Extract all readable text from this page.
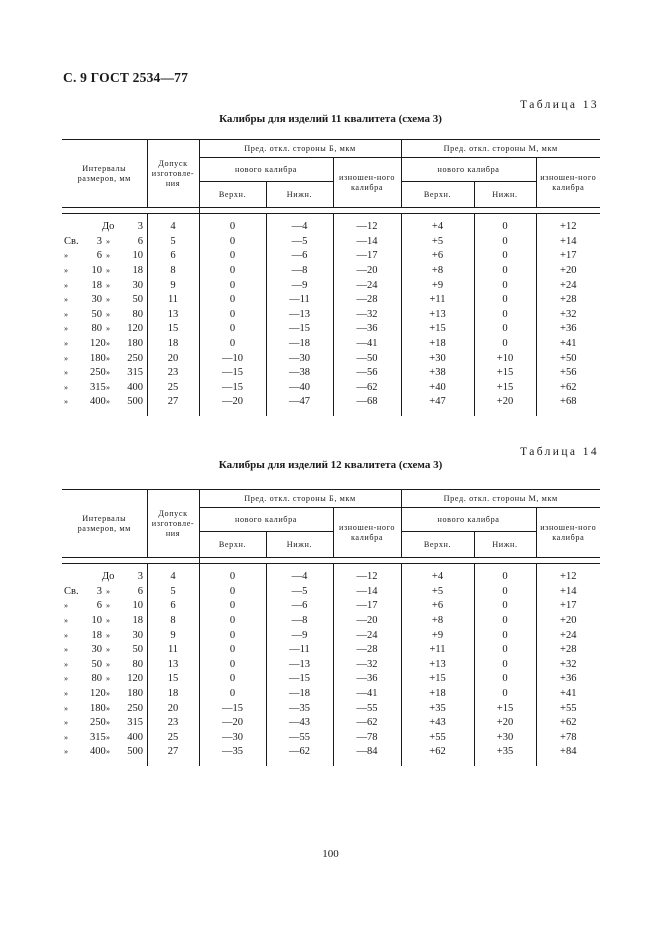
С. 9 ГОСТ 2534—77
Таблица 13
Калибры для изделий 11 квалитета (схема 3)
Интервалы размеров, мм	Допуск изготовле-ния	Пред. откл. стороны Б, мкм			Пред. откл. стороны М, мкм		
		нового калибра		изношен-ного калибра	нового калибра		изношен-ного калибра
		Верхн.	Нижн.		Верхн.	Нижн.	

До 3	4	0	—4	—12	+4	0	+12
Св. 3 » 6	5	0	—5	—14	+5	0	+14
» 6 » 10	6	0	—6	—17	+6	0	+17
» 10 » 18	8	0	—8	—20	+8	0	+20
» 18 » 30	9	0	—9	—24	+9	0	+24
» 30 » 50	11	0	—11	—28	+11	0	+28
» 50 » 80	13	0	—13	—32	+13	0	+32
» 80 » 120	15	0	—15	—36	+15	0	+36
» 120» 180	18	0	—18	—41	+18	0	+41
» 180» 250	20	—10	—30	—50	+30	+10	+50
» 250» 315	23	—15	—38	—56	+38	+15	+56
» 315» 400	25	—15	—40	—62	+40	+15	+62
» 400» 500	27	—20	—47	—68	+47	+20	+68

Таблица 14
Калибры для изделий 12 квалитета (схема 3)
Интервалы размеров, мм	Допуск изготовле-ния	Пред. откл. стороны Б, мкм			Пред. откл. стороны М, мкм		
		нового калибра		изношен-ного калибра	нового калибра		изношен-ного калибра
		Верхн.	Нижн.		Верхн.	Нижн.	

До 3	4	0	—4	—12	+4	0	+12
Св. 3 » 6	5	0	—5	—14	+5	0	+14
» 6 » 10	6	0	—6	—17	+6	0	+17
» 10 » 18	8	0	—8	—20	+8	0	+20
» 18 » 30	9	0	—9	—24	+9	0	+24
» 30 » 50	11	0	—11	—28	+11	0	+28
» 50 » 80	13	0	—13	—32	+13	0	+32
» 80 » 120	15	0	—15	—36	+15	0	+36
» 120» 180	18	0	—18	—41	+18	0	+41
» 180» 250	20	—15	—35	—55	+35	+15	+55
» 250» 315	23	—20	—43	—62	+43	+20	+62
» 315» 400	25	—30	—55	—78	+55	+30	+78
» 400» 500	27	—35	—62	—84	+62	+35	+84

100
